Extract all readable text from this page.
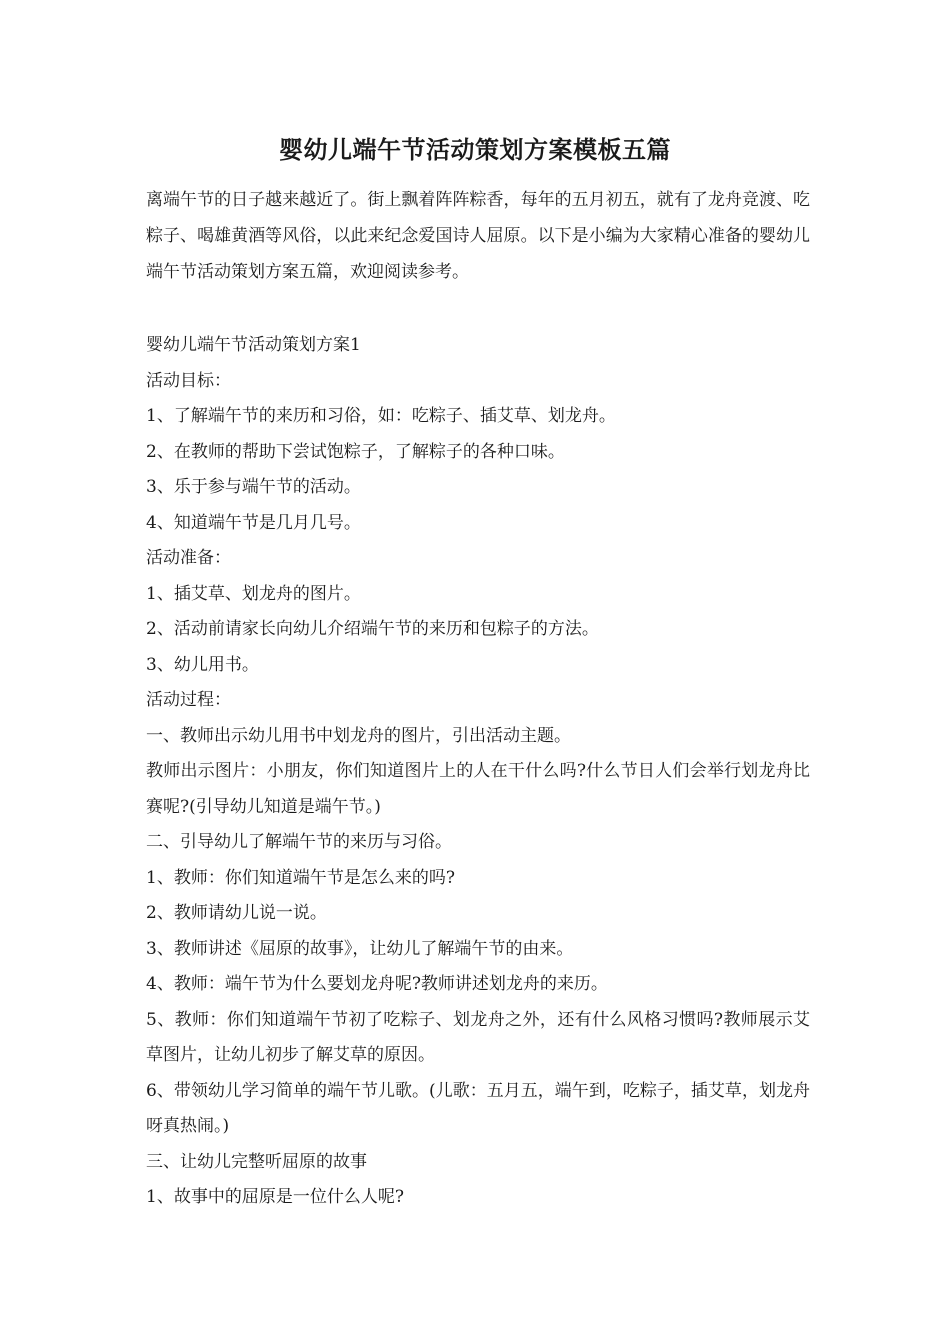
婴幼儿端午节活动策划方案模板五篇
离端午节的日子越来越近了。街上飘着阵阵粽香，每年的五月初五，就有了龙舟竞渡、吃粽子、喝雄黄酒等风俗，以此来纪念爱国诗人屈原。以下是小编为大家精心准备的婴幼儿端午节活动策划方案五篇，欢迎阅读参考。

婴幼儿端午节活动策划方案1

活动目标：

1、了解端午节的来历和习俗，如：吃粽子、插艾草、划龙舟。

2、在教师的帮助下尝试饱粽子，了解粽子的各种口味。

3、乐于参与端午节的活动。

4、知道端午节是几月几号。

活动准备：

1、插艾草、划龙舟的图片。

2、活动前请家长向幼儿介绍端午节的来历和包粽子的方法。

3、幼儿用书。

活动过程：

一、教师出示幼儿用书中划龙舟的图片，引出活动主题。

教师出示图片：小朋友，你们知道图片上的人在干什么吗?什么节日人们会举行划龙舟比赛呢?(引导幼儿知道是端午节。)

二、引导幼儿了解端午节的来历与习俗。

1、教师：你们知道端午节是怎么来的吗?

2、教师请幼儿说一说。

3、教师讲述《屈原的故事》，让幼儿了解端午节的由来。

4、教师：端午节为什么要划龙舟呢?教师讲述划龙舟的来历。

5、教师：你们知道端午节初了吃粽子、划龙舟之外，还有什么风格习惯吗?教师展示艾草图片，让幼儿初步了解艾草的原因。

6、带领幼儿学习简单的端午节儿歌。(儿歌：五月五，端午到，吃粽子，插艾草，划龙舟呀真热闹。)

三、让幼儿完整听屈原的故事

1、故事中的屈原是一位什么人呢?
